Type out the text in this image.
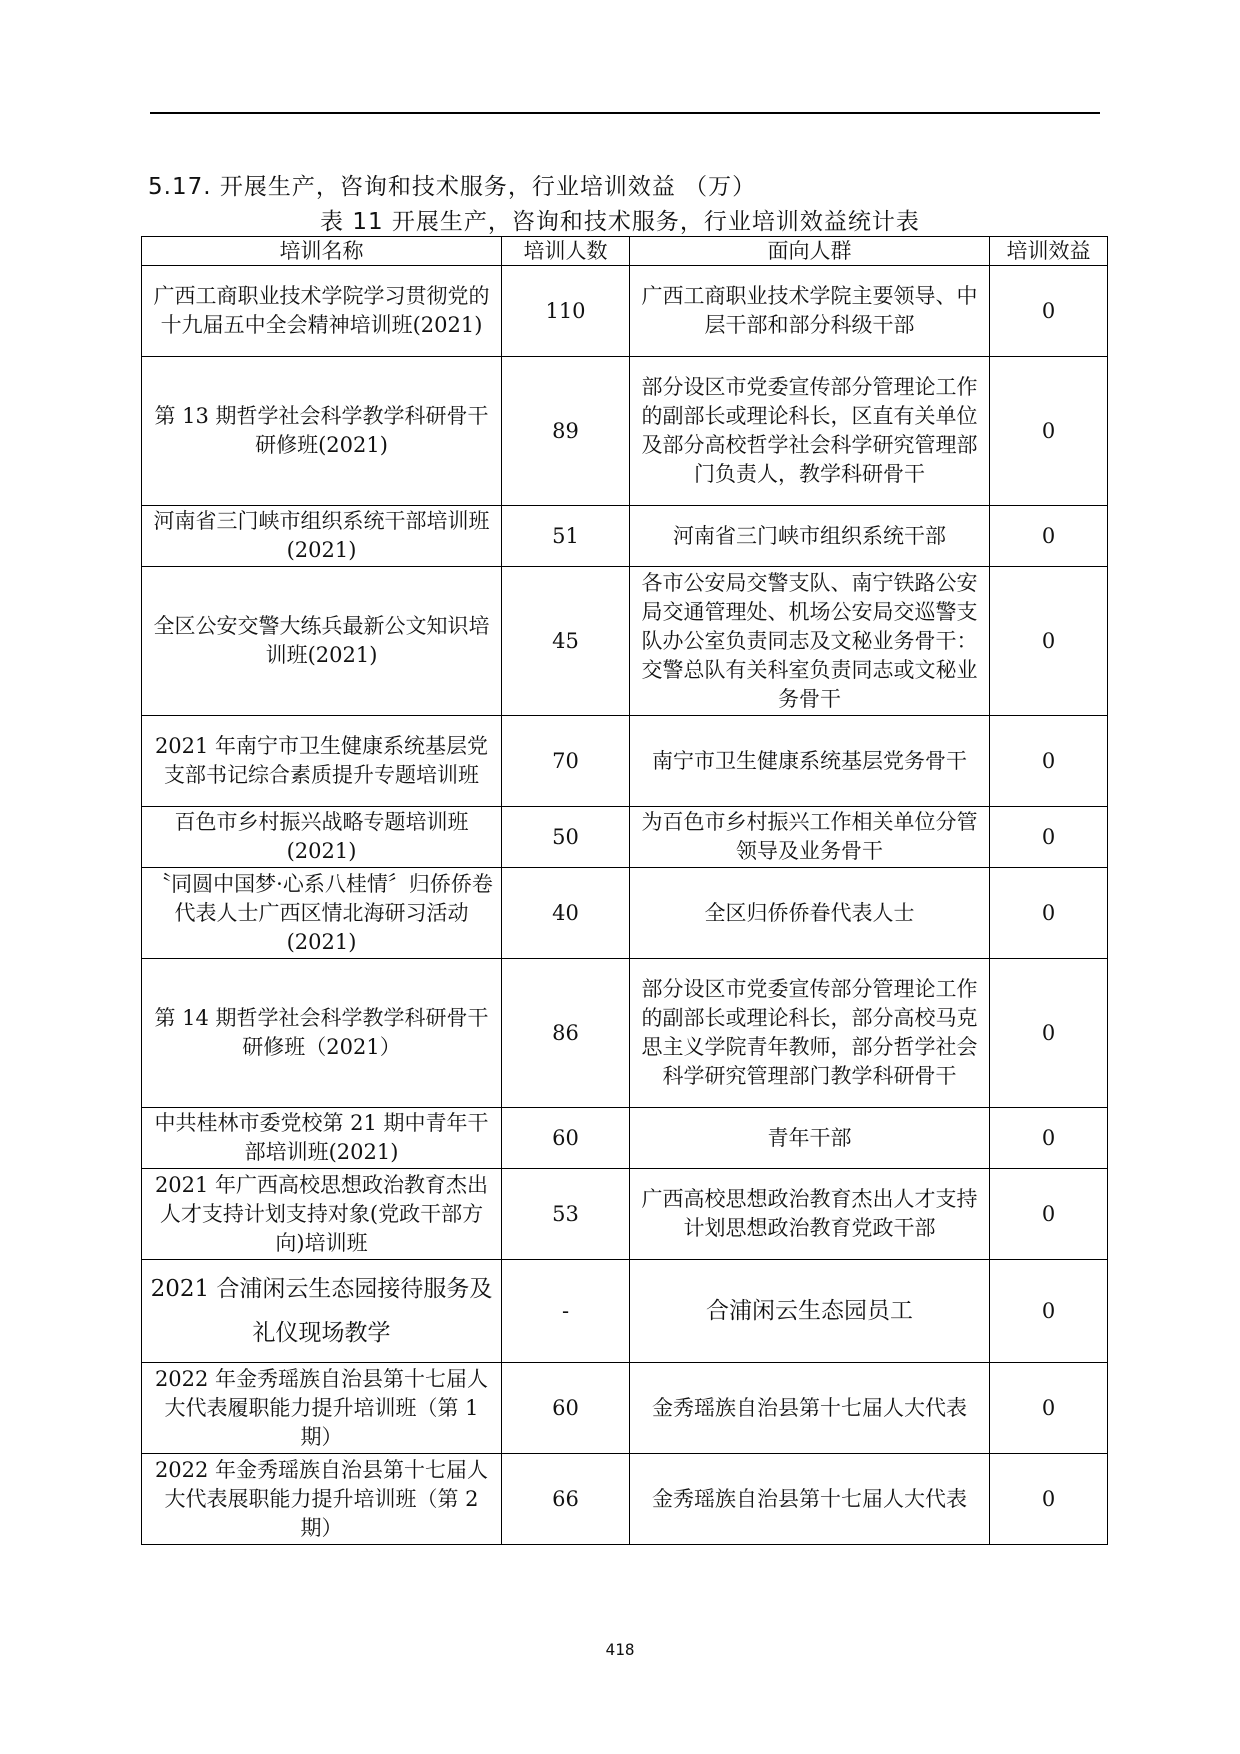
5.17. 开展生产，咨询和技术服务，行业培训效益 （万）
表 11 开展生产，咨询和技术服务，行业培训效益统计表
培训名称	培训人数	面向人群	培训效益
广西工商职业技术学院学习贯彻党的十九届五中全会精神培训班(2021)	110	广西工商职业技术学院主要领导、中层干部和部分科级干部	0
第 13 期哲学社会科学教学科研骨干研修班(2021)	89	部分设区市党委宣传部分管理论工作的副部长或理论科长，区直有关单位及部分高校哲学社会科学研究管理部门负责人，教学科研骨干	0
河南省三门峡市组织系统干部培训班(2021)	51	河南省三门峡市组织系统干部	0
全区公安交警大练兵最新公文知识培训班(2021)	45	各市公安局交警支队、南宁铁路公安局交通管理处、机场公安局交巡警支队办公室负责同志及文秘业务骨干：交警总队有关科室负责同志或文秘业务骨干	0
2021 年南宁市卫生健康系统基层党支部书记综合素质提升专题培训班	70	南宁市卫生健康系统基层党务骨干	0
百色市乡村振兴战略专题培训班(2021)	50	为百色市乡村振兴工作相关单位分管领导及业务骨干	0
〝同圆中国梦·心系八桂情〞归侨侨卷代表人士广西区情北海研习活动(2021)	40	全区归侨侨眷代表人士	0
第 14 期哲学社会科学教学科研骨干研修班（2021）	86	部分设区市党委宣传部分管理论工作的副部长或理论科长，部分高校马克思主义学院青年教师，部分哲学社会科学研究管理部门教学科研骨干	0
中共桂林市委党校第 21 期中青年干部培训班(2021)	60	青年干部	0
2021 年广西高校思想政治教育杰出人才支持计划支持对象(党政干部方向)培训班	53	广西高校思想政治教育杰出人才支持计划思想政治教育党政干部	0
2021 合浦闲云生态园接待服务及礼仪现场教学	-	合浦闲云生态园员工	0
2022 年金秀瑶族自治县第十七届人大代表履职能力提升培训班（第 1 期）	60	金秀瑶族自治县第十七届人大代表	0
2022 年金秀瑶族自治县第十七届人大代表展职能力提升培训班（第 2 期）	66	金秀瑶族自治县第十七届人大代表	0
418
